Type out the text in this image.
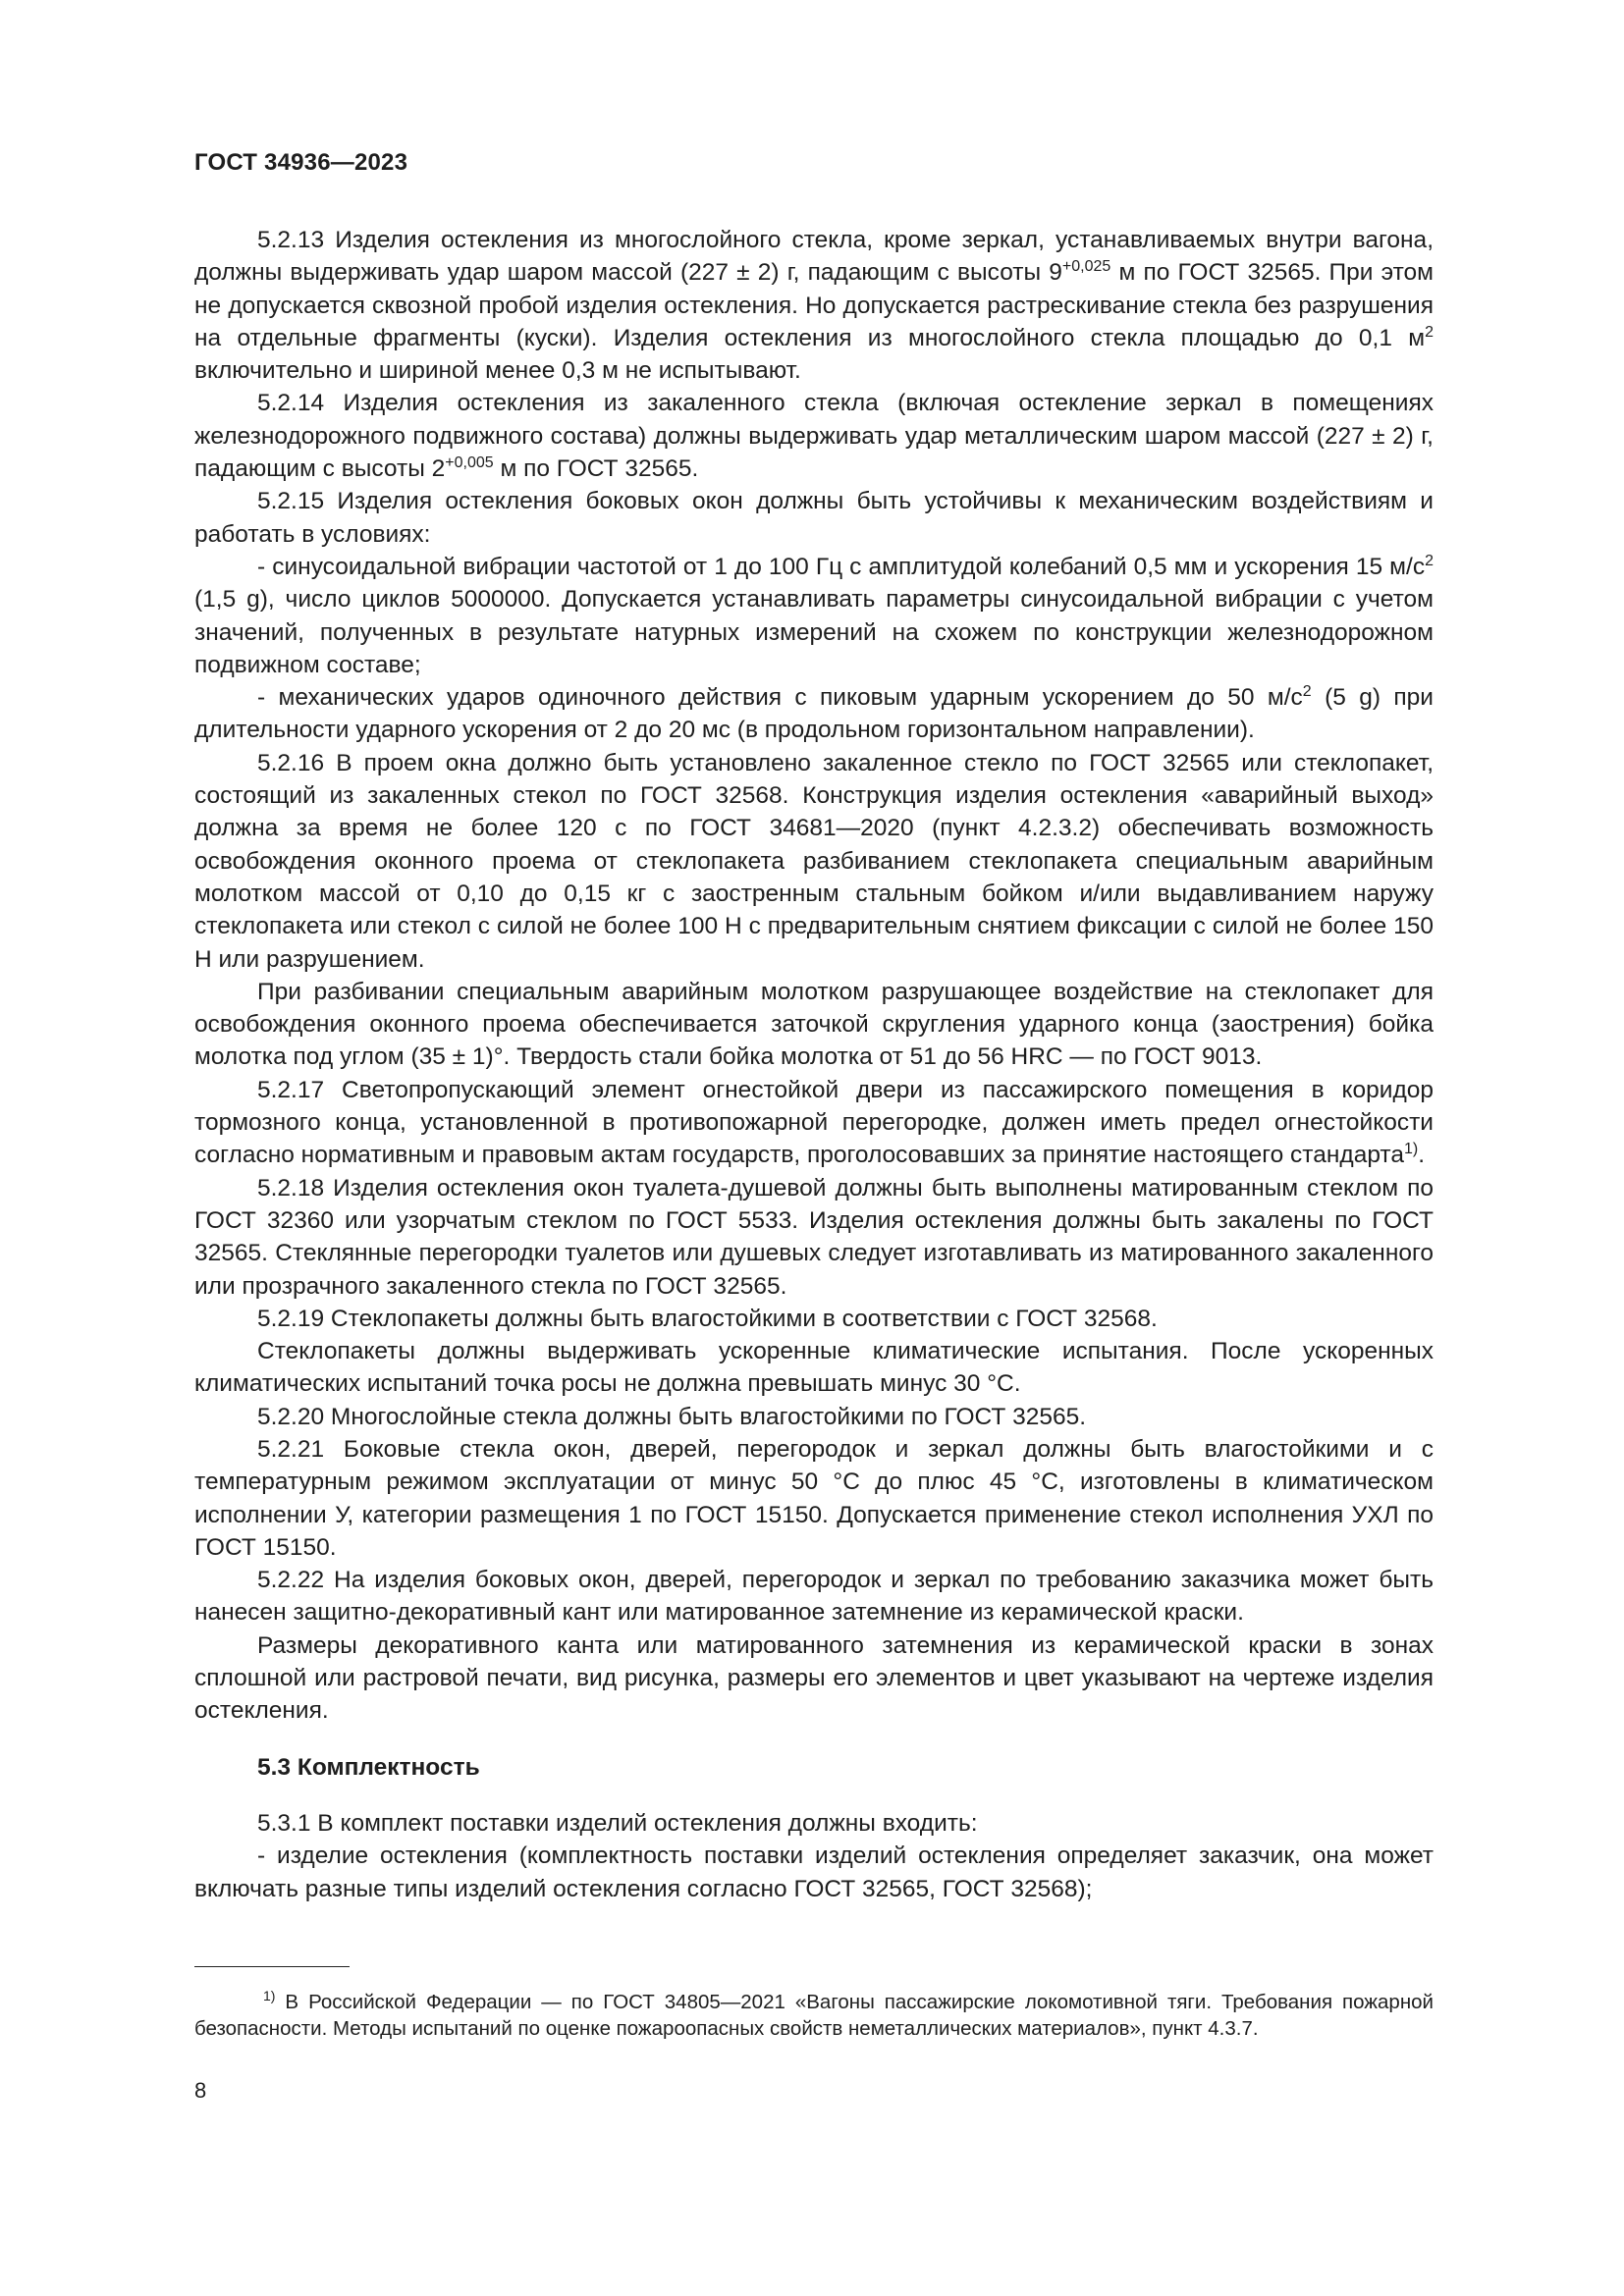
ГОСТ 34936—2023

5.2.13 Изделия остекления из многослойного стекла, кроме зеркал, устанавливаемых внутри вагона, должны выдерживать удар шаром массой (227 ± 2) г, падающим с высоты $9^{+0,025}$ м по ГОСТ 32565. При этом не допускается сквозной пробой изделия остекления. Но допускается растрескивание стекла без разрушения на отдельные фрагменты (куски). Изделия остекления из многослойного стекла площадью до 0,1 $м^2$ включительно и шириной менее 0,3 м не испытывают.

5.2.14 Изделия остекления из закаленного стекла (включая остекление зеркал в помещениях железнодорожного подвижного состава) должны выдерживать удар металлическим шаром массой (227 ± 2) г, падающим с высоты $2^{+0,005}$ м по ГОСТ 32565.

5.2.15 Изделия остекления боковых окон должны быть устойчивы к механическим воздействиям и работать в условиях:

- синусоидальной вибрации частотой от 1 до 100 Гц с амплитудой колебаний 0,5 мм и ускорения 15 $м/с^2$ (1,5 g), число циклов 5000000. Допускается устанавливать параметры синусоидальной вибрации с учетом значений, полученных в результате натурных измерений на схожем по конструкции железнодорожном подвижном составе;

- механических ударов одиночного действия с пиковым ударным ускорением до 50 $м/с^2$ (5 g) при длительности ударного ускорения от 2 до 20 мс (в продольном горизонтальном направлении).

5.2.16 В проем окна должно быть установлено закаленное стекло по ГОСТ 32565 или стеклопакет, состоящий из закаленных стекол по ГОСТ 32568. Конструкция изделия остекления «аварийный выход» должна за время не более 120 с по ГОСТ 34681—2020 (пункт 4.2.3.2) обеспечивать возможность освобождения оконного проема от стеклопакета разбиванием стеклопакета специальным аварийным молотком массой от 0,10 до 0,15 кг с заостренным стальным бойком и/или выдавливанием наружу стеклопакета или стекол с силой не более 100 Н с предварительным снятием фиксации с силой не более 150 Н или разрушением.

При разбивании специальным аварийным молотком разрушающее воздействие на стеклопакет для освобождения оконного проема обеспечивается заточкой скругления ударного конца (заострения) бойка молотка под углом (35 ± 1)°. Твердость стали бойка молотка от 51 до 56 HRC — по ГОСТ 9013.

5.2.17 Светопропускающий элемент огнестойкой двери из пассажирского помещения в коридор тормозного конца, установленной в противопожарной перегородке, должен иметь предел огнестойкости согласно нормативным и правовым актам государств, проголосовавших за принятие настоящего стандарта$^{1)}$.

5.2.18 Изделия остекления окон туалета-душевой должны быть выполнены матированным стеклом по ГОСТ 32360 или узорчатым стеклом по ГОСТ 5533. Изделия остекления должны быть закалены по ГОСТ 32565. Стеклянные перегородки туалетов или душевых следует изготавливать из матированного закаленного или прозрачного закаленного стекла по ГОСТ 32565.

5.2.19 Стеклопакеты должны быть влагостойкими в соответствии с ГОСТ 32568.

Стеклопакеты должны выдерживать ускоренные климатические испытания. После ускоренных климатических испытаний точка росы не должна превышать минус 30 °С.

5.2.20 Многослойные стекла должны быть влагостойкими по ГОСТ 32565.

5.2.21 Боковые стекла окон, дверей, перегородок и зеркал должны быть влагостойкими и с температурным режимом эксплуатации от минус 50 °С до плюс 45 °С, изготовлены в климатическом исполнении У, категории размещения 1 по ГОСТ 15150. Допускается применение стекол исполнения УХЛ по ГОСТ 15150.

5.2.22 На изделия боковых окон, дверей, перегородок и зеркал по требованию заказчика может быть нанесен защитно-декоративный кант или матированное затемнение из керамической краски.

Размеры декоративного канта или матированного затемнения из керамической краски в зонах сплошной или растровой печати, вид рисунка, размеры его элементов и цвет указывают на чертеже изделия остекления.

5.3 Комплектность

5.3.1 В комплект поставки изделий остекления должны входить:

- изделие остекления (комплектность поставки изделий остекления определяет заказчик, она может включать разные типы изделий остекления согласно ГОСТ 32565, ГОСТ 32568);

$^{1)}$ В Российской Федерации — по ГОСТ 34805—2021 «Вагоны пассажирские локомотивной тяги. Требования пожарной безопасности. Методы испытаний по оценке пожароопасных свойств неметаллических материалов», пункт 4.3.7.

8
